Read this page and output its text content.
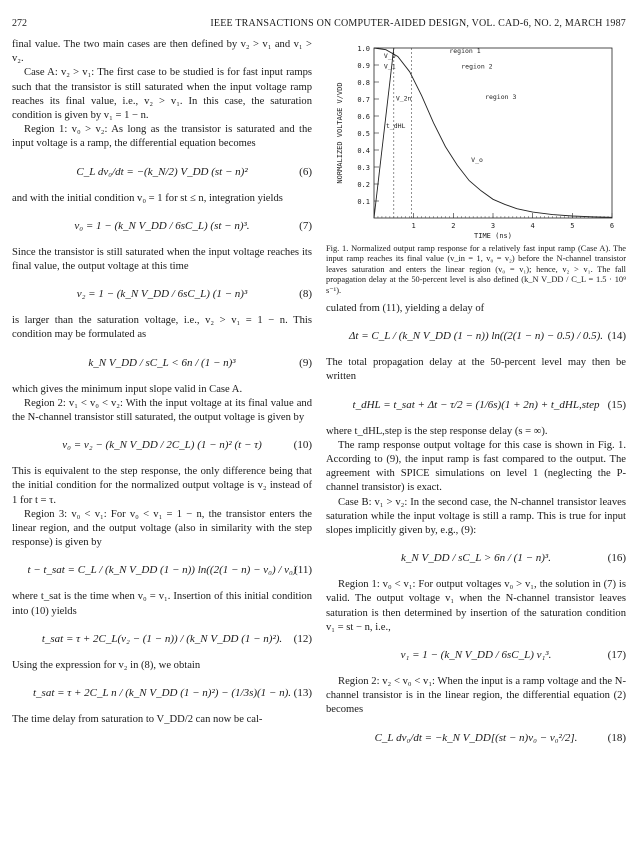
272	IEEE TRANSACTIONS ON COMPUTER-AIDED DESIGN, VOL. CAD-6, NO. 2, MARCH 1987

final value. The two main cases are then defined by v₂ > v₁ and v₁ > v₂.

Case A: v₂ > v₁: The first case to be studied is for fast input ramps such that the transistor is still saturated when the input voltage ramp reaches its final value, i.e., v₂ > v₁. In this case, the saturation condition is given by v₁ = 1 − n.

Region 1: v₀ > v₂: As long as the transistor is saturated and the input voltage is a ramp, the differential equation becomes

C_L dv₀/dt = −(k_N/2) V_DD (st − n)²	(6)

and with the initial condition v₀ = 1 for st ≤ n, integration yields

v₀ = 1 − (k_N V_DD / 6sC_L) (st − n)³.	(7)

Since the transistor is still saturated when the input voltage reaches its final value, the output voltage at this time

v₂ = 1 − (k_N V_DD / 6sC_L) (1 − n)³	(8)

is larger than the saturation voltage, i.e., v₂ > v₁ = 1 − n. This condition may be formulated as

k_N V_DD / sC_L < 6n / (1 − n)³	(9)

which gives the minimum input slope valid in Case A.

Region 2: v₁ < v₀ < v₂: With the input voltage at its final value and the N-channel transistor still saturated, the output voltage is given by

v₀ = v₂ − (k_N V_DD / 2C_L) (1 − n)² (t − τ)	(10)

This is equivalent to the step response, the only difference being that the initial condition for the normalized output voltage is v₂ instead of 1 for t = τ.

Region 3: v₀ < v₁: For v₀ < v₁ = 1 − n, the transistor enters the linear region, and the output voltage (also in similarity with the step response) is given by

t − t_sat = C_L / (k_N V_DD (1 − n)) ln((2(1 − n) − v₀) / v₀)
(11)

where t_sat is the time when v₀ = v₁. Insertion of this initial condition into (10) yields

t_sat = τ + 2C_L(v₂ − (1 − n)) / (k_N V_DD (1 − n)²). (12)

Using the expression for v₂ in (8), we obtain

t_sat = τ + 2C_L n / (k_N V_DD (1 − n)²) − (1/3s)(1 − n). (13)

The time delay from saturation to V_DD/2 can now be cal-

0.1
0.2
0.3
0.4
0.5
0.6
0.7
0.8
0.9
1.0
1	2	3	4	5	6
TIME (ns)
NORMALIZED VOLTAGE V/VDD
region 1
region 2
region 3
V_p
V_1
V_2n
t_dHL
V_o

Fig. 1. Normalized output ramp response for a relatively fast input ramp (Case A). The input ramp reaches its final value (v_in = 1, v₀ = v₂) before the N-channel transistor leaves saturation and enters the linear region (v₀ = v₁); hence, v₂ > v₁. The fall propagation delay at the 50-percent level is also defined (k_N V_DD / C_L = 1.5 · 10⁹ s⁻¹).

culated from (11), yielding a delay of

Δt = C_L / (k_N V_DD (1 − n)) ln((2(1 − n) − 0.5) / 0.5). (14)

The total propagation delay at the 50-percent level may then be written

t_dHL = t_sat + Δt − τ/2 = (1/6s)(1 + 2n) + t_dHL,step (15)

where t_dHL,step is the step response delay (s = ∞).

The ramp response output voltage for this case is shown in Fig. 1. According to (9), the input ramp is fast compared to the output. The agreement with SPICE simulations on level 1 (neglecting the P-channel transistor) is exact.

Case B: v₁ > v₂: In the second case, the N-channel transistor leaves saturation while the input voltage is still a ramp. This is true for input slopes implicitly given by, e.g., (9):

k_N V_DD / sC_L > 6n / (1 − n)³.	(16)

Region 1: v₀ < v₁: For output voltages v₀ > v₁, the solution in (7) is valid. The output voltage v₁ when the N-channel transistor leaves saturation is then determined by insertion of the saturation condition v₁ = st − n, i.e.,

v₁ = 1 − (k_N V_DD / 6sC_L) v₁³.	(17)

Region 2: v₂ < v₀ < v₁: When the input is a ramp voltage and the N-channel transistor is in the linear region, the differential equation (2) becomes

C_L dv₀/dt = −k_N V_DD[(st − n)v₀ − v₀²/2].	(18)
